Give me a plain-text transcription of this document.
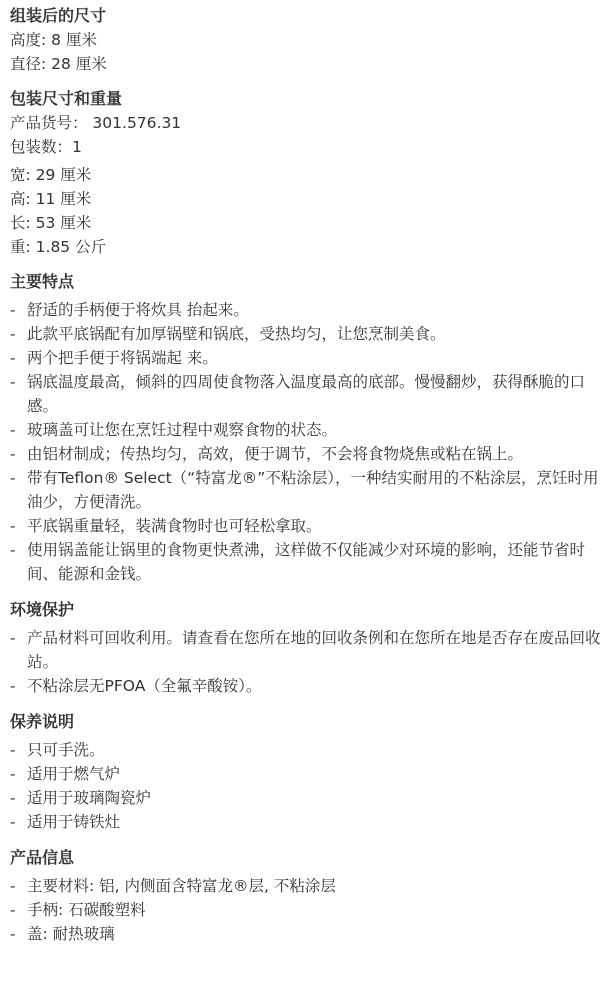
组装后的尺寸

高度: 8 厘米

直径: 28 厘米

包装尺寸和重量

产品货号： 301.576.31

包装数：1

宽: 29 厘米

高: 11 厘米

长: 53 厘米

重: 1.85 公斤

主要特点

- 舒适的手柄便于将炊具 抬起来。

- 此款平底锅配有加厚锅壁和锅底，受热均匀，让您烹制美食。

- 两个把手便于将锅端起 来。

- 锅底温度最高，倾斜的四周使食物落入温度最高的底部。慢慢翻炒，获得酥脆的口感。

- 玻璃盖可让您在烹饪过程中观察食物的状态。

- 由铝材制成；传热均匀，高效，便于调节，不会将食物烧焦或粘在锅上。

- 带有Teflon® Select（“特富龙®”不粘涂层），一种结实耐用的不粘涂层，烹饪时用油少，方便清洗。

- 平底锅重量轻，装满食物时也可轻松拿取。

- 使用锅盖能让锅里的食物更快煮沸，这样做不仅能减少对环境的影响，还能节省时间、能源和金钱。

环境保护

- 产品材料可回收利用。请查看在您所在地的回收条例和在您所在地是否存在废品回收站。

- 不粘涂层无PFOA（全氟辛酸铵）。

保养说明

- 只可手洗。

- 适用于燃气炉

- 适用于玻璃陶瓷炉

- 适用于铸铁灶

产品信息

- 主要材料: 铝, 内侧面含特富龙®层, 不粘涂层

- 手柄: 石碳酸塑料

- 盖: 耐热玻璃
